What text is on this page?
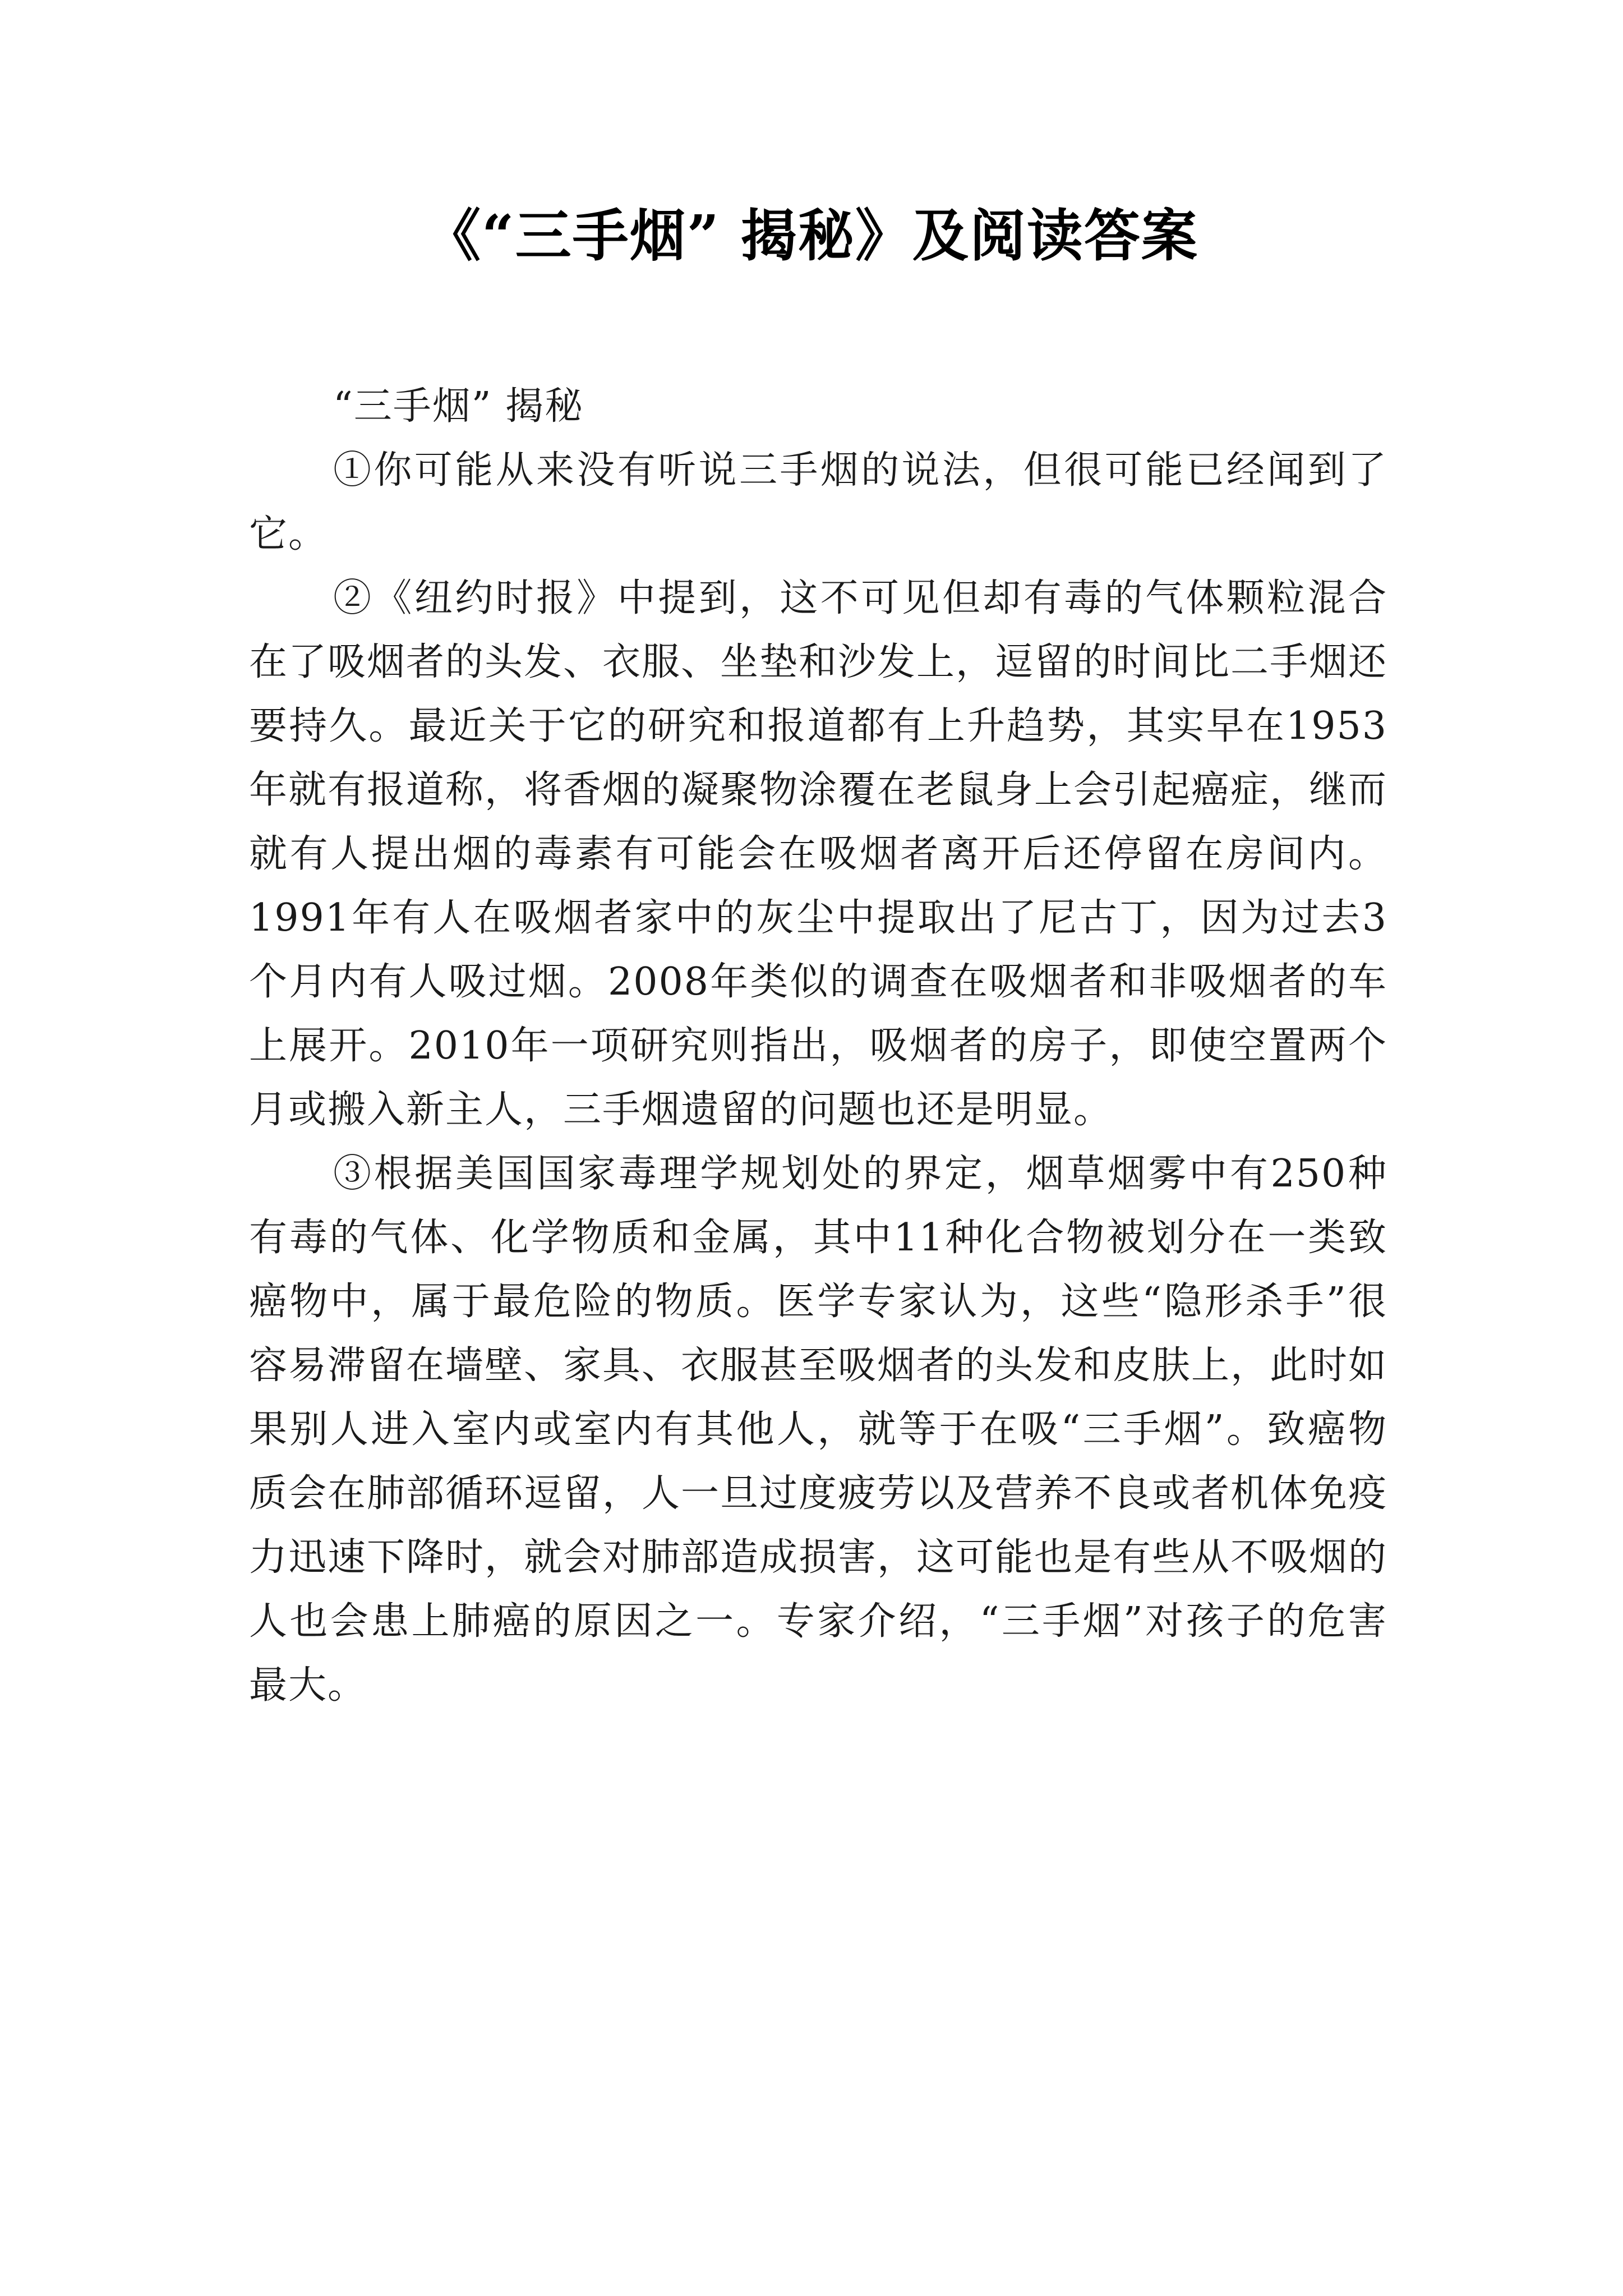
《“三手烟” 揭秘》及阅读答案

“三手烟” 揭秘

①你可能从来没有听说三手烟的说法，但很可能已经闻到了它。

②《纽约时报》中提到，这不可见但却有毒的气体颗粒混合在了吸烟者的头发、衣服、坐垫和沙发上，逗留的时间比二手烟还要持久。最近关于它的研究和报道都有上升趋势，其实早在1953年就有报道称，将香烟的凝聚物涂覆在老鼠身上会引起癌症，继而就有人提出烟的毒素有可能会在吸烟者离开后还停留在房间内。1991年有人在吸烟者家中的灰尘中提取出了尼古丁，因为过去3个月内有人吸过烟。2008年类似的调查在吸烟者和非吸烟者的车上展开。2010年一项研究则指出，吸烟者的房子，即使空置两个月或搬入新主人，三手烟遗留的问题也还是明显。

③根据美国国家毒理学规划处的界定，烟草烟雾中有250种有毒的气体、化学物质和金属，其中11种化合物被划分在一类致癌物中，属于最危险的物质。医学专家认为，这些“隐形杀手”很容易滞留在墙壁、家具、衣服甚至吸烟者的头发和皮肤上，此时如果别人进入室内或室内有其他人，就等于在吸“三手烟”。致癌物质会在肺部循环逗留，人一旦过度疲劳以及营养不良或者机体免疫力迅速下降时，就会对肺部造成损害，这可能也是有些从不吸烟的人也会患上肺癌的原因之一。专家介绍，“三手烟”对孩子的危害最大。
